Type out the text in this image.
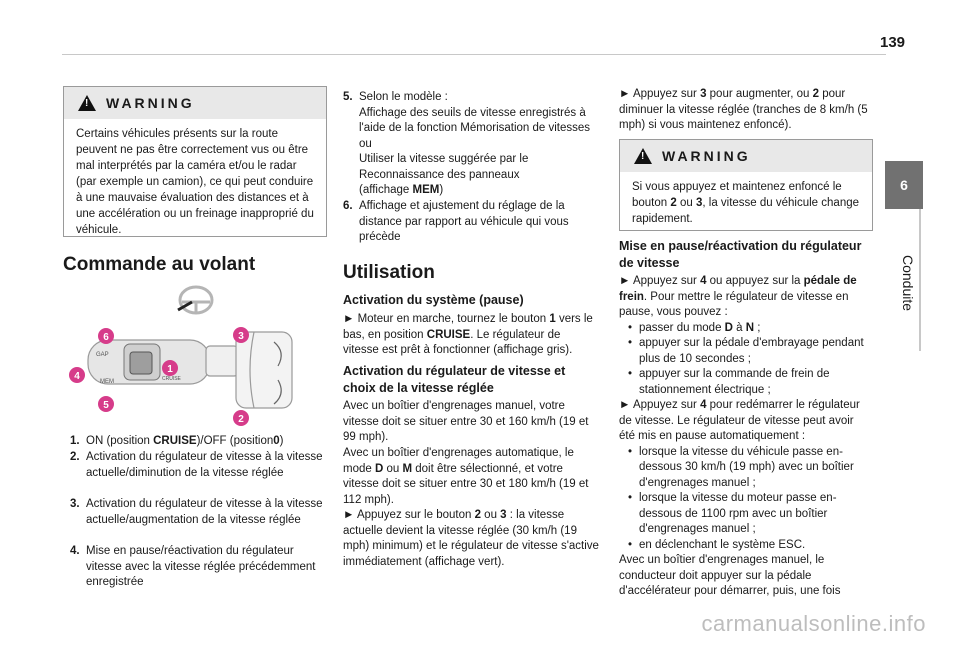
139
6
Conduite
! WARNING
Certains véhicules présents sur la route peuvent ne pas être correctement vus ou être mal interprétés par la caméra et/ou le radar (par exemple un camion), ce qui peut conduire à une mauvaise évaluation des distances et à une accélération ou un freinage inapproprié du véhicule.
Commande au volant
GAP
MEM	CRUISE
6
4
5
1
3
2
1. ON (position CRUISE)/OFF (position0)
2. Activation du régulateur de vitesse à la vitesse actuelle/diminution de la vitesse réglée
3. Activation du régulateur de vitesse à la vitesse actuelle/augmentation de la vitesse réglée
4. Mise en pause/réactivation du régulateur vitesse avec la vitesse réglée précédemment enregistrée
5. Selon le modèle :
Affichage des seuils de vitesse enregistrés à l'aide de la fonction Mémorisation de vitesses
ou
Utiliser la vitesse suggérée par le Reconnaissance des panneaux
(affichage MEM)
6. Affichage et ajustement du réglage de la distance par rapport au véhicule qui vous précède
Utilisation
Activation du système (pause)
► Moteur en marche, tournez le bouton 1 vers le bas, en position CRUISE. Le régulateur de vitesse est prêt à fonctionner (affichage gris).
Activation du régulateur de vitesse et choix de la vitesse réglée
Avec un boîtier d'engrenages manuel, votre vitesse doit se situer entre 30 et 160 km/h (19 et 99 mph).
Avec un boîtier d'engrenages automatique, le mode D ou M doit être sélectionné, et votre vitesse doit se situer entre 30 et 180 km/h (19 et 112 mph).
► Appuyez sur le bouton 2 ou 3 : la vitesse actuelle devient la vitesse réglée (30 km/h (19 mph) minimum) et le régulateur de vitesse s'active immédiatement (affichage vert).
► Appuyez sur 3 pour augmenter, ou 2 pour diminuer la vitesse réglée (tranches de 8 km/h (5 mph) si vous maintenez enfoncé).
! WARNING
Si vous appuyez et maintenez enfoncé le bouton 2 ou 3, la vitesse du véhicule change rapidement.
Mise en pause/réactivation du régulateur de vitesse
► Appuyez sur 4 ou appuyez sur la pédale de frein. Pour mettre le régulateur de vitesse en pause, vous pouvez :
• passer du mode D à N ;
• appuyer sur la pédale d'embrayage pendant plus de 10 secondes ;
• appuyer sur la commande de frein de stationnement électrique ;
► Appuyez sur 4 pour redémarrer le régulateur de vitesse. Le régulateur de vitesse peut avoir été mis en pause automatiquement :
• lorsque la vitesse du véhicule passe en-dessous 30 km/h (19 mph) avec un boîtier d'engrenages manuel ;
• lorsque la vitesse du moteur passe en-dessous de 1100 rpm avec un boîtier d'engrenages manuel ;
• en déclenchant le système ESC.
Avec un boîtier d'engrenages manuel, le conducteur doit appuyer sur la pédale d'accélérateur pour démarrer, puis, une fois
carmanualsonline.info
